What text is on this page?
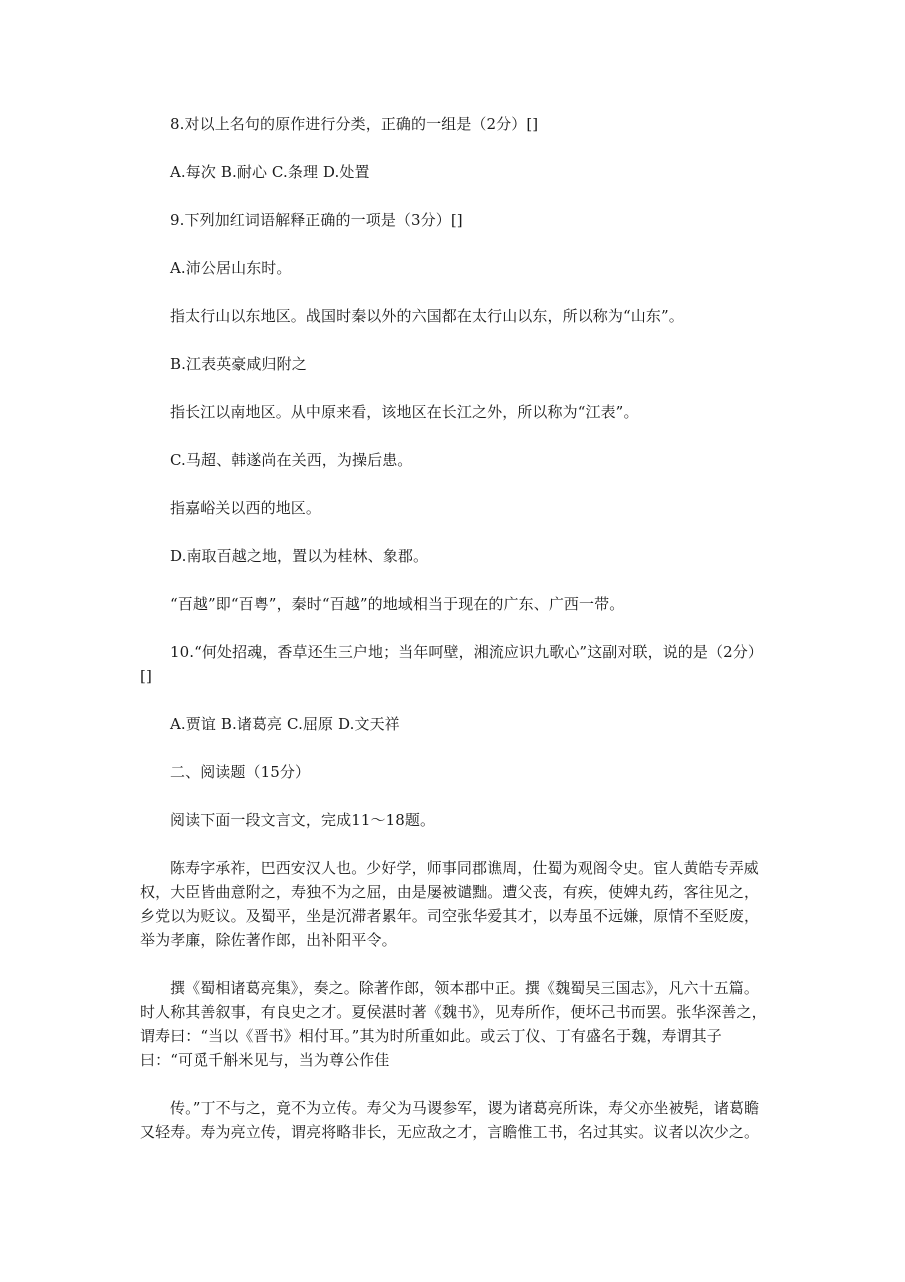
8.对以上名句的原作进行分类，正确的一组是（2分）[]

A.每次 B.耐心 C.条理 D.处置

9.下列加红词语解释正确的一项是（3分）[]

A.沛公居山东时。

指太行山以东地区。战国时秦以外的六国都在太行山以东，所以称为“山东”。

B.江表英豪咸归附之

指长江以南地区。从中原来看，该地区在长江之外，所以称为“江表”。

C.马超、韩遂尚在关西，为操后患。

指嘉峪关以西的地区。

D.南取百越之地，置以为桂林、象郡。

“百越”即“百粤”，秦时“百越”的地域相当于现在的广东、广西一带。

10.“何处招魂，香草还生三户地；当年呵壁，湘流应识九歌心”这副对联，说的是（2分）[]

A.贾谊 B.诸葛亮 C.屈原 D.文天祥

二、阅读题（15分）

阅读下面一段文言文，完成11～18题。

陈寿字承祚，巴西安汉人也。少好学，师事同郡谯周，仕蜀为观阁令史。宦人黄皓专弄威权，大臣皆曲意附之，寿独不为之屈，由是屡被谴黜。遭父丧，有疾，使婢丸药，客往见之，乡党以为贬议。及蜀平，坐是沉滞者累年。司空张华爱其才，以寿虽不远嫌，原情不至贬废，举为孝廉，除佐著作郎，出补阳平令。

撰《蜀相诸葛亮集》，奏之。除著作郎，领本郡中正。撰《魏蜀吴三国志》，凡六十五篇。时人称其善叙事，有良史之才。夏侯湛时著《魏书》，见寿所作，便坏己书而罢。张华深善之，谓寿曰：“当以《晋书》相付耳。”其为时所重如此。或云丁仪、丁有盛名于魏，寿谓其子曰：“可觅千斛米见与，当为尊公作佳

传。”丁不与之，竟不为立传。寿父为马谡参军，谡为诸葛亮所诛，寿父亦坐被髡，诸葛瞻又轻寿。寿为亮立传，谓亮将略非长，无应敌之才，言瞻惟工书，名过其实。议者以次少之。
